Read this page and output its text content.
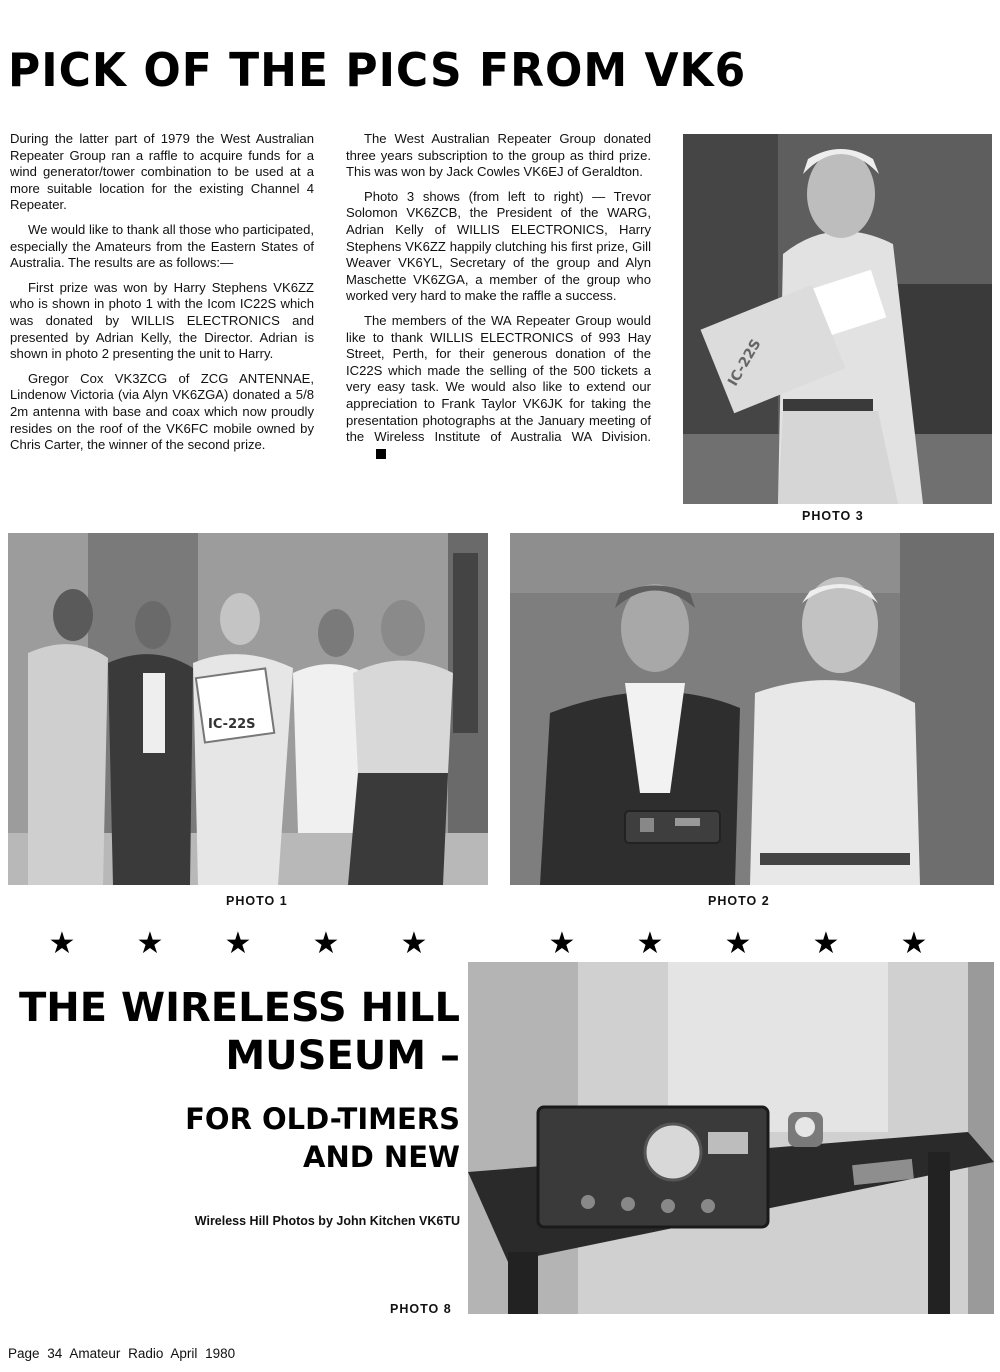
PICK OF THE PICS FROM VK6

During the latter part of 1979 the West Australian Repeater Group ran a raffle to acquire funds for a wind generator/tower combination to be used at a more suitable location for the existing Channel 4 Repeater.

We would like to thank all those who participated, especially the Amateurs from the Eastern States of Australia. The results are as follows:—

First prize was won by Harry Stephens VK6ZZ who is shown in photo 1 with the Icom IC22S which was donated by WILLIS ELECTRONICS and presented by Adrian Kelly, the Director. Adrian is shown in photo 2 presenting the unit to Harry.

Gregor Cox VK3ZCG of ZCG ANTENNAE, Lindenow Victoria (via Alyn VK6ZGA) donated a 5/8 2m antenna with base and coax which now proudly resides on the roof of the VK6FC mobile owned by Chris Carter, the winner of the second prize.

The West Australian Repeater Group donated three years subscription to the group as third prize. This was won by Jack Cowles VK6EJ of Geraldton.

Photo 3 shows (from left to right) — Trevor Solomon VK6ZCB, the President of the WARG, Adrian Kelly of WILLIS ELECTRONICS, Harry Stephens VK6ZZ happily clutching his first prize, Gill Weaver VK6YL, Secretary of the group and Alyn Maschette VK6ZGA, a member of the group who worked very hard to make the raffle a success.

The members of the WA Repeater Group would like to thank WILLIS ELECTRONICS of 993 Hay Street, Perth, for their generous donation of the IC22S which made the selling of the 500 tickets a very easy task. We would also like to extend our appreciation to Frank Taylor VK6JK for taking the presentation photographs at the January meeting of the Wireless Institute of Australia WA Division.

IC-22S
PHOTO 3
IC-22S
PHOTO 1	PHOTO 2
★	★	★	★	★	★	★	★	★	★
THE WIRELESS HILL
MUSEUM –
FOR OLD-TIMERS
AND NEW
Wireless Hill Photos by John Kitchen VK6TU
PHOTO 8
Page 34 Amateur Radio April 1980
